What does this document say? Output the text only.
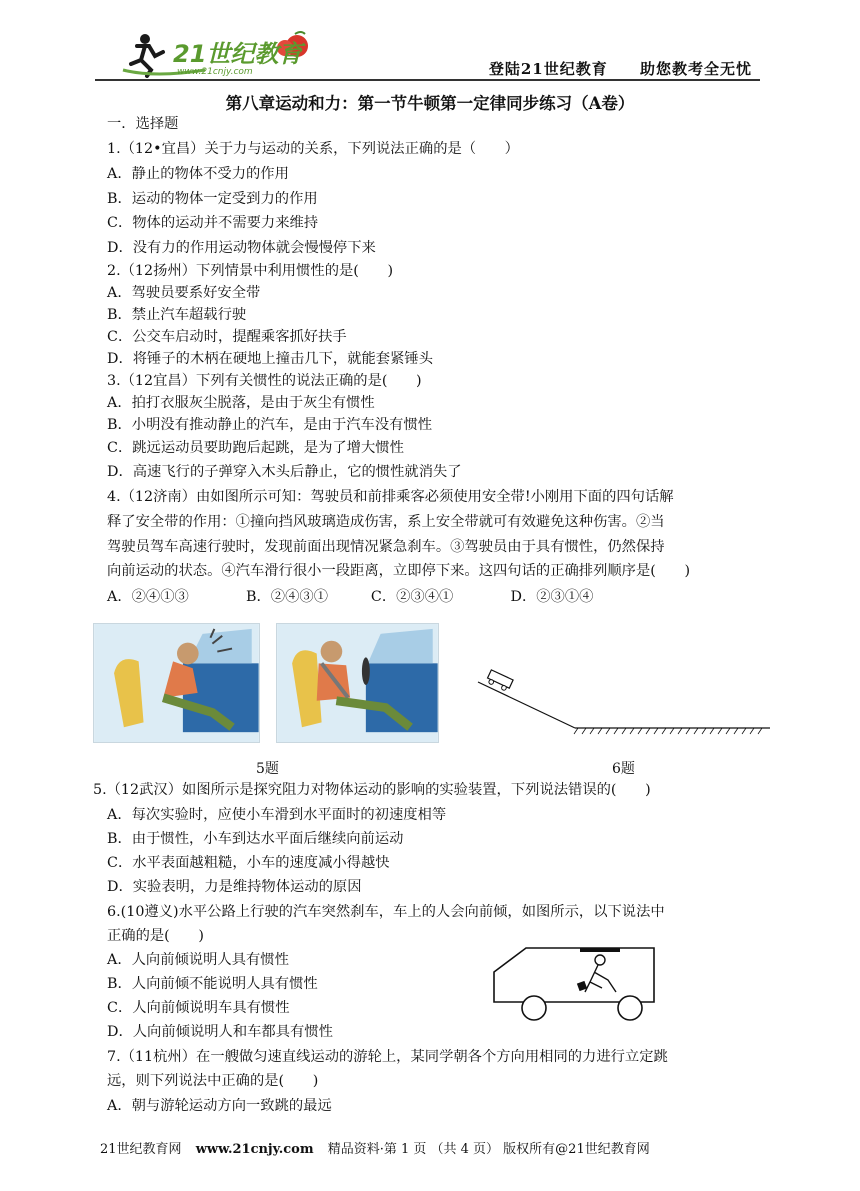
21世纪教育
www.21cnjy.com	登陆21世纪教育 助您教考全无忧
第八章运动和力：第一节牛顿第一定律同步练习（A卷）
一．选择题
1.（12•宜昌）关于力与运动的关系，下列说法正确的是（　　）
A．静止的物体不受力的作用
B．运动的物体一定受到力的作用
C．物体的运动并不需要力来维持
D．没有力的作用运动物体就会慢慢停下来
2.（12扬州）下列情景中利用惯性的是(　　)
A．驾驶员要系好安全带
B．禁止汽车超载行驶
C．公交车启动时，提醒乘客抓好扶手
D．将锤子的木柄在硬地上撞击几下，就能套紧锤头
3.（12宜昌）下列有关惯性的说法正确的是(　　)
A．拍打衣服灰尘脱落，是由于灰尘有惯性
B．小明没有推动静止的汽车，是由于汽车没有惯性
C．跳远运动员要助跑后起跳，是为了增大惯性
D．高速飞行的子弹穿入木头后静止，它的惯性就消失了
4.（12济南）由如图所示可知：驾驶员和前排乘客必须使用安全带!小刚用下面的四句话解
释了安全带的作用：①撞向挡风玻璃造成伤害，系上安全带就可有效避免这种伤害。②当
驾驶员驾车高速行驶时，发现前面出现情况紧急刹车。③驾驶员由于具有惯性，仍然保持
向前运动的状态。④汽车滑行很小一段距离，立即停下来。这四句话的正确排列顺序是(　　)
A．②④①③　　　　B．②④③①　　　C．②③④①　　　　D．②③①④
5题	6题
5.（12武汉）如图所示是探究阻力对物体运动的影响的实验装置，下列说法错误的(　　)
A．每次实验时，应使小车滑到水平面时的初速度相等
B．由于惯性，小车到达水平面后继续向前运动
C．水平表面越粗糙，小车的速度减小得越快
D．实验表明，力是维持物体运动的原因
6.(10遵义)水平公路上行驶的汽车突然刹车，车上的人会向前倾，如图所示，以下说法中
正确的是(　　)
A．人向前倾说明人具有惯性
B．人向前倾不能说明人具有惯性
C．人向前倾说明车具有惯性
D．人向前倾说明人和车都具有惯性
7.（11杭州）在一艘做匀速直线运动的游轮上，某同学朝各个方向用相同的力进行立定跳
远，则下列说法中正确的是(　　)
A．朝与游轮运动方向一致跳的最远
21世纪教育网 www.21cnjy.com 精品资料·第 1 页 （共 4 页） 版权所有@21世纪教育网
